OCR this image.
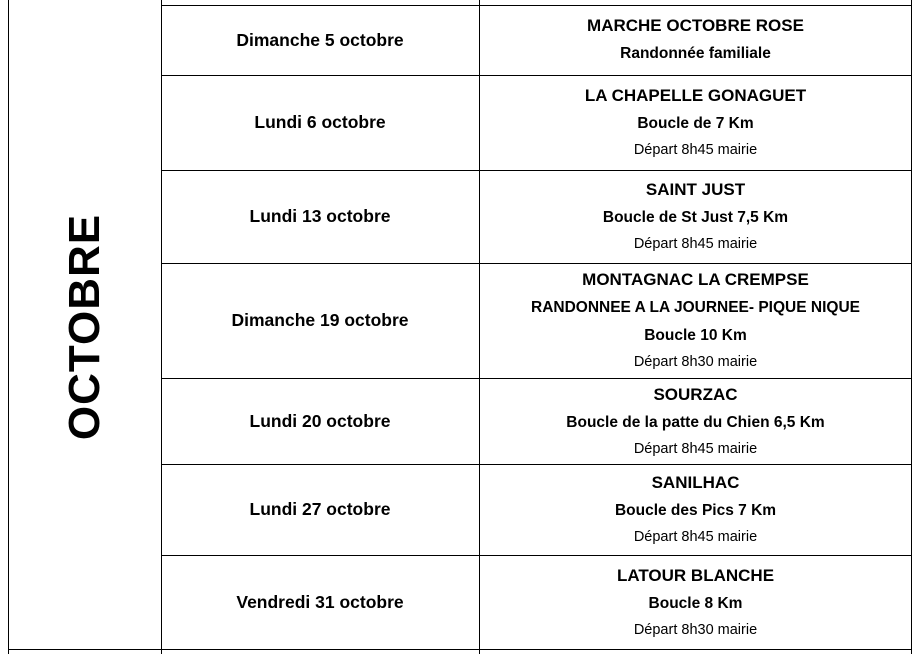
OCTOBRE
Dimanche 5 octobre
MARCHE OCTOBRE ROSE
Randonnée familiale
Lundi 6 octobre
LA CHAPELLE GONAGUET
Boucle de 7 Km
Départ 8h45 mairie
Lundi 13 octobre
SAINT JUST
Boucle de St Just 7,5 Km
Départ 8h45 mairie
Dimanche 19 octobre
MONTAGNAC LA CREMPSE
RANDONNEE A LA JOURNEE- PIQUE NIQUE
Boucle 10 Km
Départ 8h30 mairie
Lundi 20 octobre
SOURZAC
Boucle de la patte du Chien 6,5 Km
Départ 8h45 mairie
Lundi 27 octobre
SANILHAC
Boucle des Pics 7 Km
Départ 8h45 mairie
Vendredi 31 octobre
LATOUR BLANCHE
Boucle 8 Km
Départ 8h30 mairie
